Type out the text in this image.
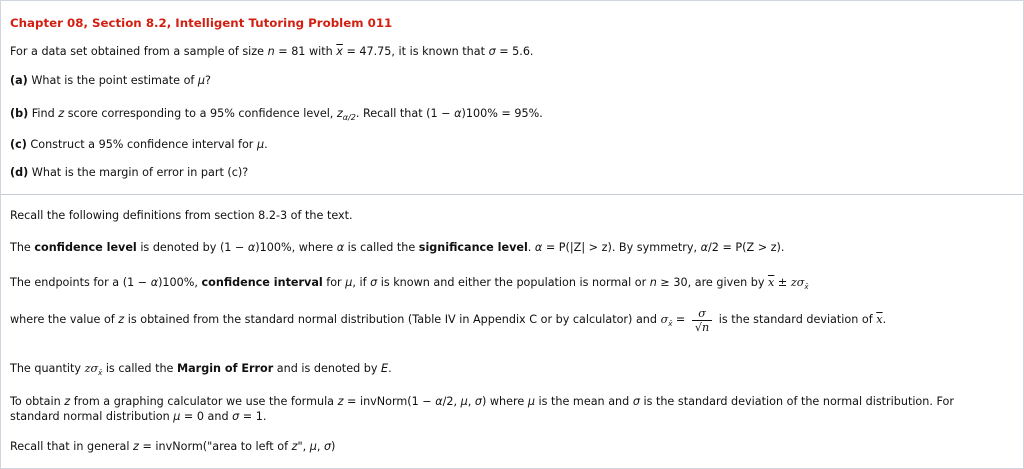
Chapter 08, Section 8.2, Intelligent Tutoring Problem 011
For a data set obtained from a sample of size n = 81 with $\overline{x} = 47.75$, it is known that σ = 5.6.
(a) What is the point estimate of μ?
(b) Find z score corresponding to a 95% confidence level, $z_{\alpha/2}$. Recall that (1 − α)100% = 95%.
(c) Construct a 95% confidence interval for μ.
(d) What is the margin of error in part (c)?
Recall the following definitions from section 8.2-3 of the text.
The confidence level is denoted by (1 − α)100%, where α is called the significance level. α = P(|Z| > z). By symmetry, α/2 = P(Z > z).
The endpoints for a (1 − α)100%, confidence interval for μ, if σ is known and either the population is normal or n ≥ 30, are given by $\overline{x} \pm z\sigma_{x̄}$
where the value of z is obtained from the standard normal distribution (Table IV in Appendix C or by calculator) and $\sigma_{x̄} = \frac{\sigma}{√n}$ is the standard deviation of $\overline{x}$.
The quantity $z\sigma_{x̄}$ is called the Margin of Error and is denoted by E.
To obtain z from a graphing calculator we use the formula z = invNorm(1 − α/2, μ, σ) where μ is the mean and σ is the standard deviation of the normal distribution. For standard normal distribution μ = 0 and σ = 1.
Recall that in general z = invNorm("area to left of z", μ, σ)
